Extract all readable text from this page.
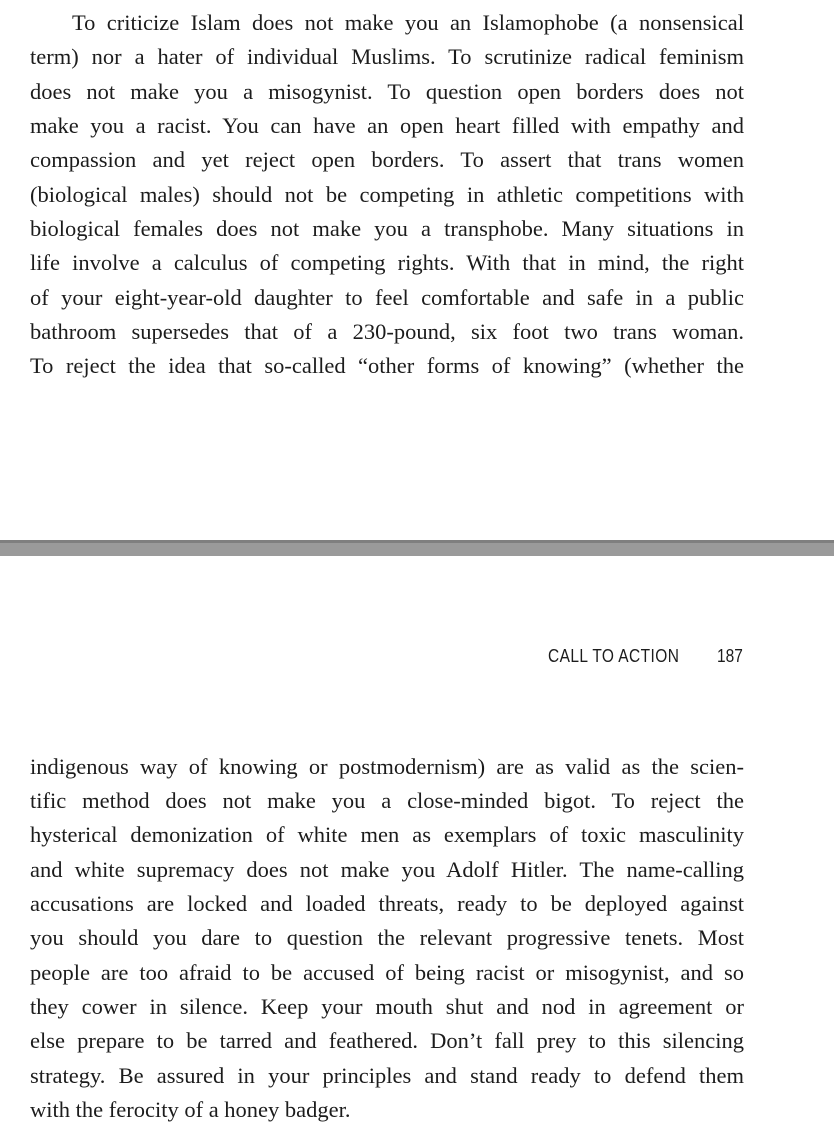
To criticize Islam does not make you an Islamophobe (a nonsensical
term) nor a hater of individual Muslims. To scrutinize radical feminism
does not make you a misogynist. To question open borders does not
make you a racist. You can have an open heart filled with empathy and
compassion and yet reject open borders. To assert that trans women
(biological males) should not be competing in athletic competitions with
biological females does not make you a transphobe. Many situations in
life involve a calculus of competing rights. With that in mind, the right
of your eight-year-old daughter to feel comfortable and safe in a public
bathroom supersedes that of a 230-pound, six foot two trans woman.
To reject the idea that so-called “other forms of knowing” (whether the
CALL TO ACTION 187
indigenous way of knowing or postmodernism) are as valid as the scien-
tific method does not make you a close-minded bigot. To reject the
hysterical demonization of white men as exemplars of toxic masculinity
and white supremacy does not make you Adolf Hitler. The name-calling
accusations are locked and loaded threats, ready to be deployed against
you should you dare to question the relevant progressive tenets. Most
people are too afraid to be accused of being racist or misogynist, and so
they cower in silence. Keep your mouth shut and nod in agreement or
else prepare to be tarred and feathered. Don’t fall prey to this silencing
strategy. Be assured in your principles and stand ready to defend them
with the ferocity of a honey badger.
